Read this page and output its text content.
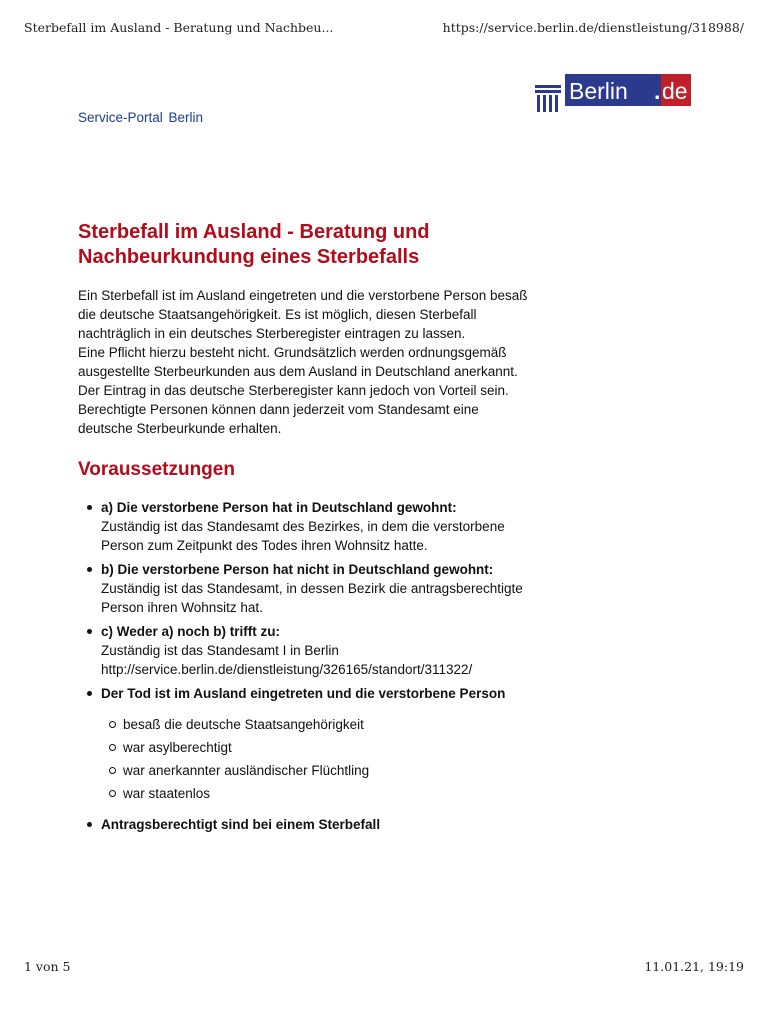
Sterbefall im Ausland - Beratung und Nachbeu...	https://service.berlin.de/dienstleistung/318988/
Berlin . de
Service-Portal Berlin
Sterbefall im Ausland - Beratung und Nachbeurkundung eines Sterbefalls

Ein Sterbefall ist im Ausland eingetreten und die verstorbene Person besaß die deutsche Staatsangehörigkeit. Es ist möglich, diesen Sterbefall nachträglich in ein deutsches Sterberegister eintragen zu lassen.

Eine Pflicht hierzu besteht nicht. Grundsätzlich werden ordnungsgemäß ausgestellte Sterbeurkunden aus dem Ausland in Deutschland anerkannt.

Der Eintrag in das deutsche Sterberegister kann jedoch von Vorteil sein. Berechtigte Personen können dann jederzeit vom Standesamt eine deutsche Sterbeurkunde erhalten.

Voraussetzungen
a) Die verstorbene Person hat in Deutschland gewohnt:
Zuständig ist das Standesamt des Bezirkes, in dem die verstorbene Person zum Zeitpunkt des Todes ihren Wohnsitz hatte.
b) Die verstorbene Person hat nicht in Deutschland gewohnt:
Zuständig ist das Standesamt, in dessen Bezirk die antragsberechtigte Person ihren Wohnsitz hat.
c) Weder a) noch b) trifft zu:
Zuständig ist das Standesamt I in Berlin
http://service.berlin.de/dienstleistung/326165/standort/311322/
Der Tod ist im Ausland eingetreten und die verstorbene Person
besaß die deutsche Staatsangehörigkeit
war asylberechtigt
war anerkannter ausländischer Flüchtling
war staatenlos
Antragsberechtigt sind bei einem Sterbefall
1 von 5	11.01.21, 19:19
